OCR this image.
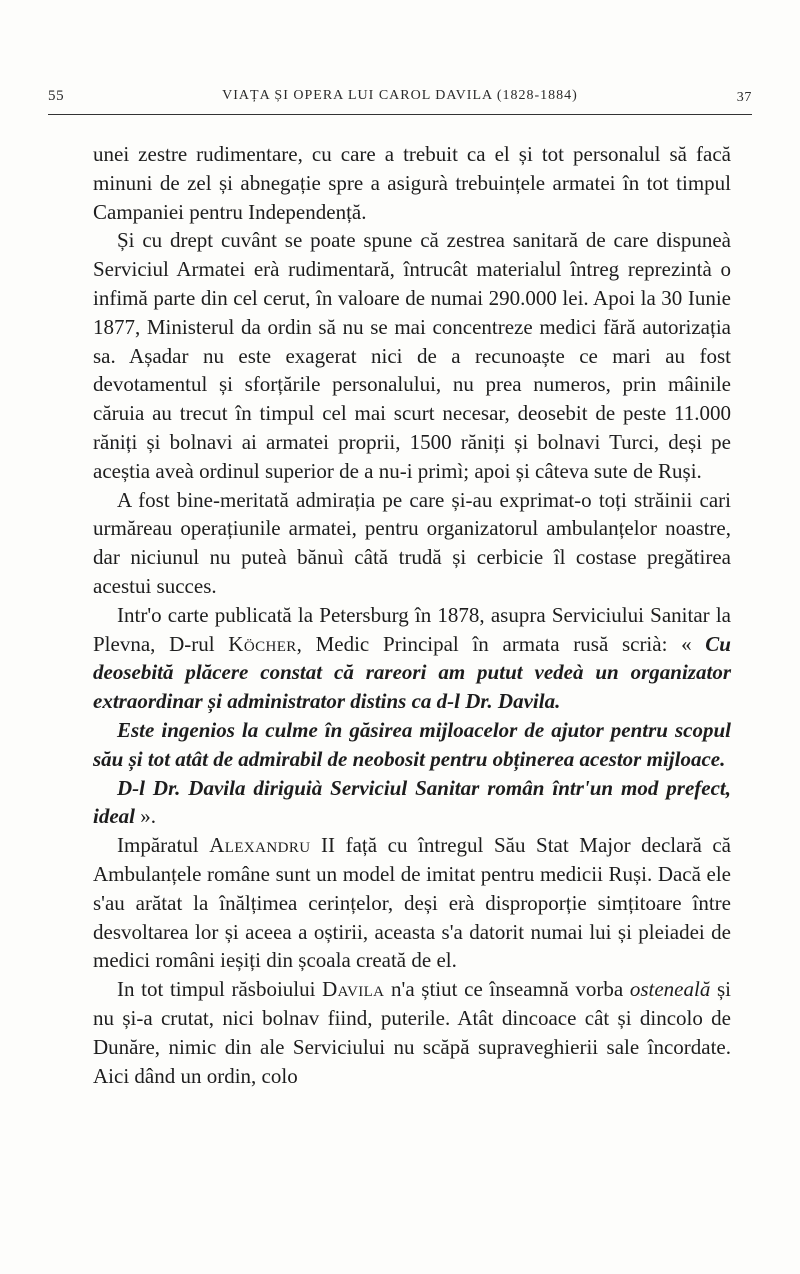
55	VIAȚA ȘI OPERA LUI CAROL DAVILA (1828-1884)	37

unei zestre rudimentare, cu care a trebuit ca el și tot personalul să facă minuni de zel și abnegație spre a asigurà trebuințele armatei în tot timpul Campaniei pentru Independență.

Și cu drept cuvânt se poate spune că zestrea sanitară de care dispuneà Serviciul Armatei erà rudimentară, întrucât materialul întreg reprezintà o infimă parte din cel cerut, în valoare de numai 290.000 lei. Apoi la 30 Iunie 1877, Ministerul da ordin să nu se mai concentreze medici fără autorizația sa. Așadar nu este exagerat nici de a recunoaște ce mari au fost devotamentul și sforțările personalului, nu prea numeros, prin mâinile căruia au trecut în timpul cel mai scurt necesar, deosebit de peste 11.000 răniți și bolnavi ai armatei proprii, 1500 răniți și bolnavi Turci, deși pe aceștia aveà ordinul superior de a nu-i primì; apoi și câteva sute de Ruși.

A fost bine-meritată admirația pe care și-au exprimat-o toți străinii cari urmăreau operațiunile armatei, pentru organizatorul ambulanțelor noastre, dar niciunul nu puteà bănuì câtă trudă și cerbicie îl costase pregătirea acestui succes.

Intr'o carte publicată la Petersburg în 1878, asupra Serviciului Sanitar la Plevna, D-rul Köcher, Medic Principal în armata rusă scrià: « Cu deosebită plăcere constat că rareori am putut vedeà un organizator extraordinar și administrator distins ca d-l Dr. Davila.

Este ingenios la culme în găsirea mijloacelor de ajutor pentru scopul său și tot atât de admirabil de neobosit pentru obținerea acestor mijloace.

D-l Dr. Davila diriguià Serviciul Sanitar român într'un mod prefect, ideal ».

Impăratul Alexandru II față cu întregul Său Stat Major declară că Ambulanțele române sunt un model de imitat pentru medicii Ruși. Dacă ele s'au arătat la înălțimea cerințelor, deși erà disproporție simțitoare între desvoltarea lor și aceea a oștirii, aceasta s'a datorit numai lui și pleiadei de medici români ieșiți din școala creată de el.

In tot timpul răsboiului Davila n'a știut ce înseamnă vorba osteneală și nu și-a crutat, nici bolnav fiind, puterile. Atât dincoace cât și dincolo de Dunăre, nimic din ale Serviciului nu scăpă supraveghierii sale încordate. Aici dând un ordin, colo
